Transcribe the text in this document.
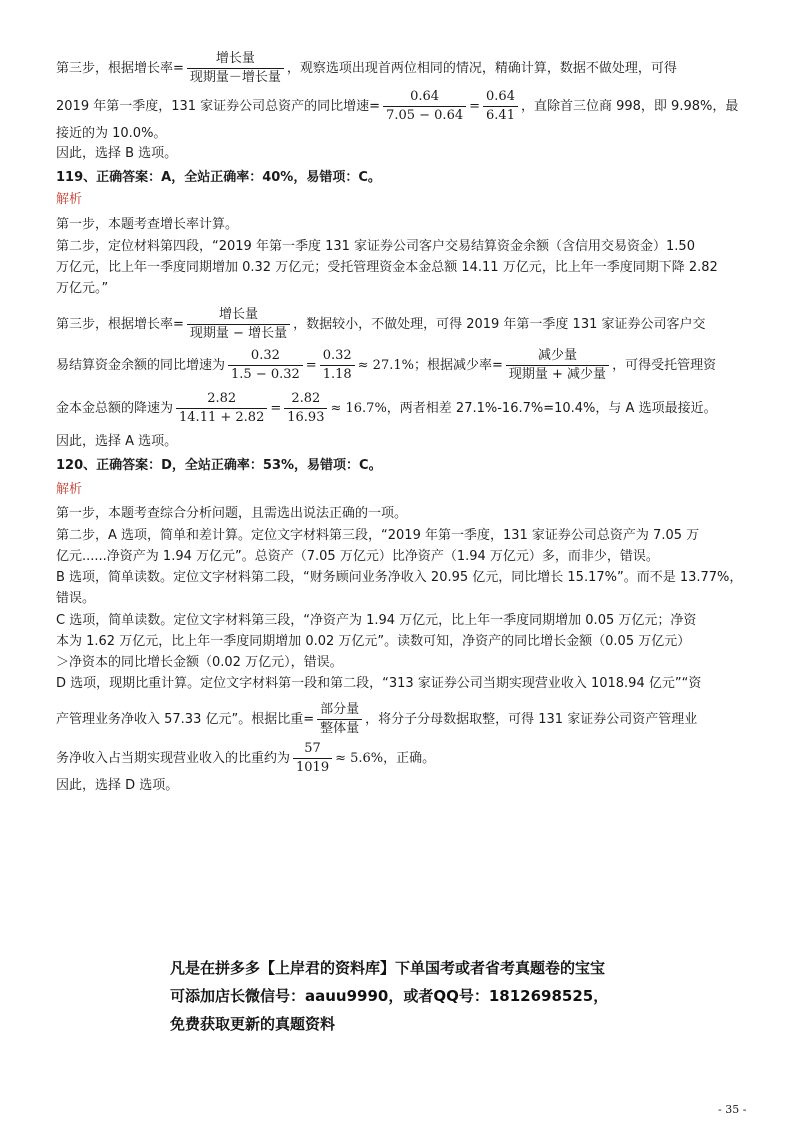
第三步，根据增长率= $\frac{\text{增长量}}{\text{现期量－增长量}}$ ，观察选项出现首两位相同的情况，精确计算，数据不做处理，可得
2019 年第一季度，131 家证券公司总资产的同比增速= $\frac{0.64}{7.05 - 0.64} = \frac{0.64}{6.41}$ ，直除首三位商 998，即 9.98%，最
接近的为 10.0%。
因此，选择 B 选项。
119、正确答案：A，全站正确率：40%，易错项：C。
解析
第一步，本题考查增长率计算。
第二步，定位材料第四段，“2019 年第一季度 131 家证券公司客户交易结算资金余额（含信用交易资金）1.50
万亿元，比上年一季度同期增加 0.32 万亿元；受托管理资金本金总额 14.11 万亿元，比上年一季度同期下降 2.82
万亿元。”
第三步，根据增长率= $\frac{\text{增长量}}{\text{现期量 − 增长量}}$ ，数据较小，不做处理，可得 2019 年第一季度 131 家证券公司客户交
易结算资金余额的同比增速为 $\frac{0.32}{1.5 - 0.32} = \frac{0.32}{1.18} \approx 27.1\%$；根据减少率= $\frac{\text{减少量}}{\text{现期量 + 减少量}}$ ，可得受托管理资
金本金总额的降速为 $\frac{2.82}{14.11 + 2.82} = \frac{2.82}{16.93} \approx 16.7\%$，两者相差 27.1%-16.7%=10.4%，与 A 选项最接近。
因此，选择 A 选项。
120、正确答案：D，全站正确率：53%，易错项：C。
解析
第一步，本题考查综合分析问题，且需选出说法正确的一项。
第二步，A 选项，简单和差计算。定位文字材料第三段，“2019 年第一季度，131 家证券公司总资产为 7.05 万
亿元......净资产为 1.94 万亿元”。总资产（7.05 万亿元）比净资产（1.94 万亿元）多，而非少，错误。
B 选项，简单读数。定位文字材料第二段，“财务顾问业务净收入 20.95 亿元，同比增长 15.17%”。而不是 13.77%，
错误。
C 选项，简单读数。定位文字材料第三段，“净资产为 1.94 万亿元，比上年一季度同期增加 0.05 万亿元；净资
本为 1.62 万亿元，比上年一季度同期增加 0.02 万亿元”。读数可知，净资产的同比增长金额（0.05 万亿元）
＞净资本的同比增长金额（0.02 万亿元），错误。
D 选项，现期比重计算。定位文字材料第一段和第二段，“313 家证券公司当期实现营业收入 1018.94 亿元”“资
产管理业务净收入 57.33 亿元”。根据比重= $\frac{\text{部分量}}{\text{整体量}}$ ，将分子分母数据取整，可得 131 家证券公司资产管理业
务净收入占当期实现营业收入的比重约为 $\frac{57}{1019} \approx 5.6\%$，正确。
因此，选择 D 选项。
凡是在拼多多【上岸君的资料库】下单国考或者省考真题卷的宝宝
可添加店长微信号：aauu9990，或者QQ号：1812698525，
免费获取更新的真题资料
- 35 -
